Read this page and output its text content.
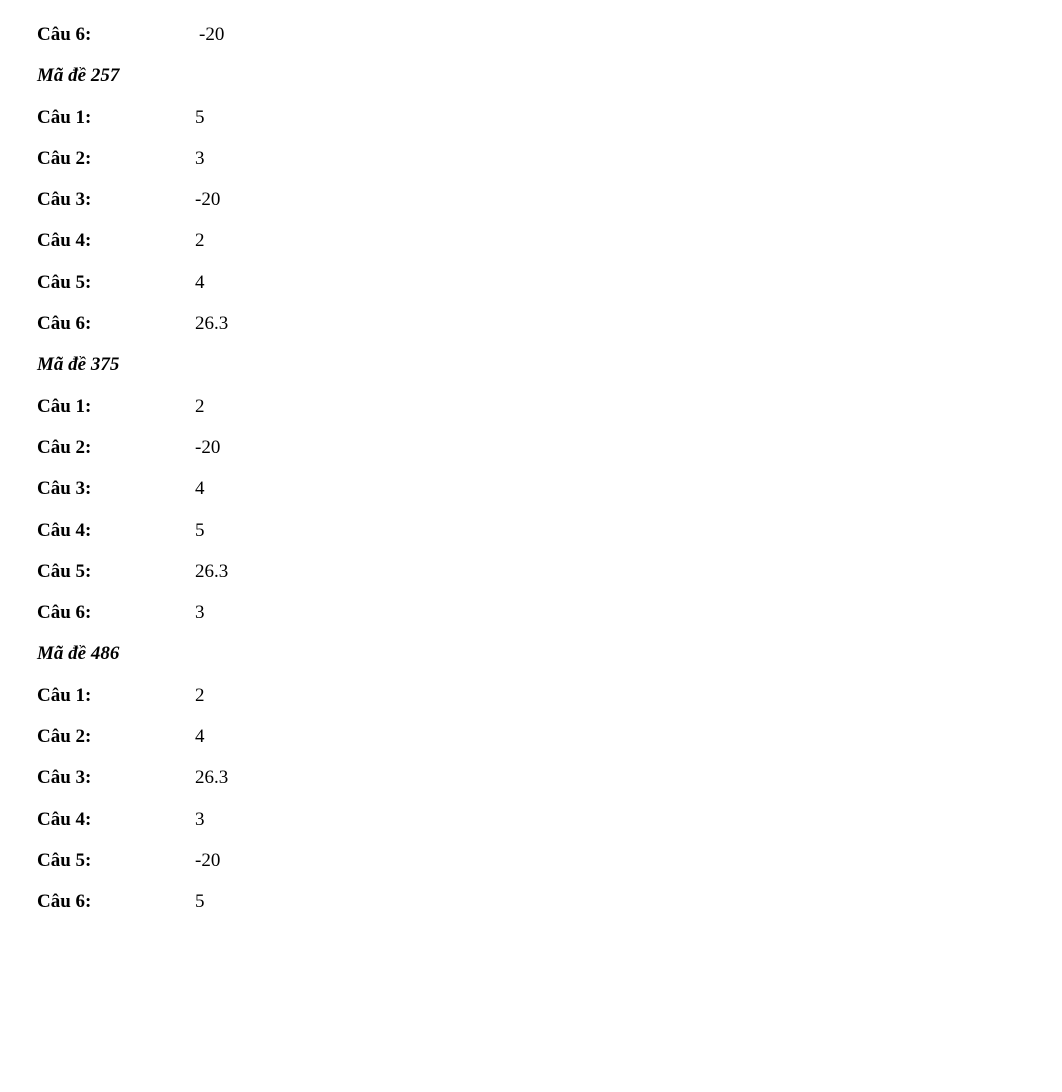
Câu 6:	-20
Mã đề 257
Câu 1:	5
Câu 2:	3
Câu 3:	-20
Câu 4:	2
Câu 5:	4
Câu 6:	26.3
Mã đề 375
Câu 1:	2
Câu 2:	-20
Câu 3:	4
Câu 4:	5
Câu 5:	26.3
Câu 6:	3
Mã đề 486
Câu 1:	2
Câu 2:	4
Câu 3:	26.3
Câu 4:	3
Câu 5:	-20
Câu 6:	5
